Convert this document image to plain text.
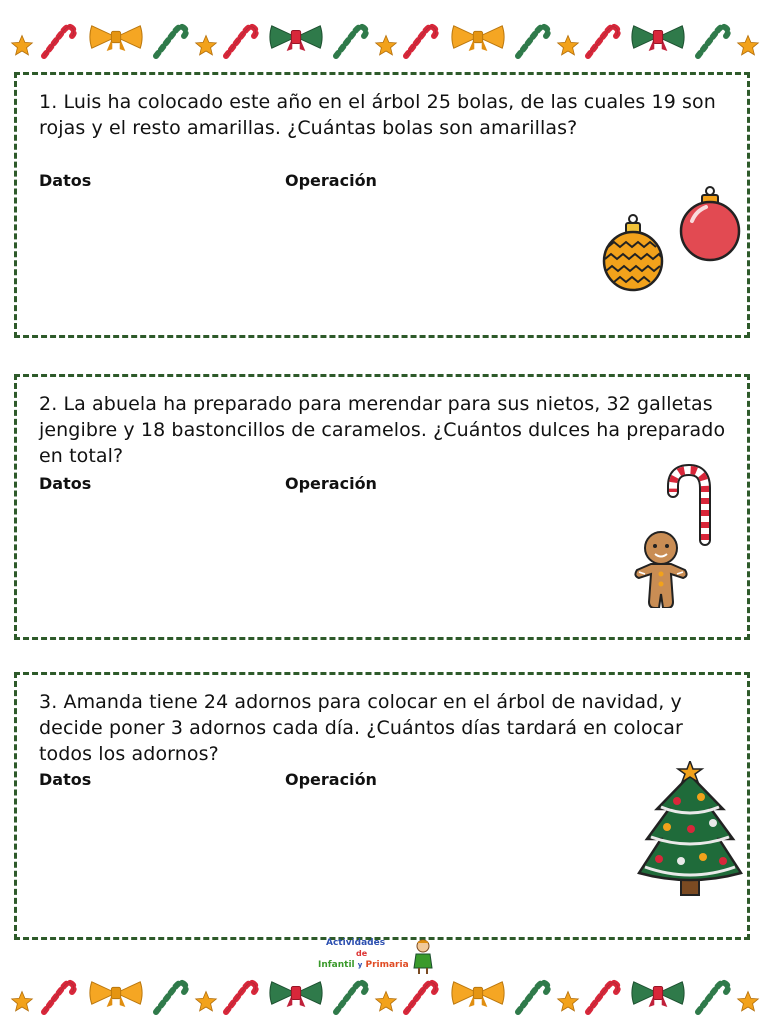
1. Luis ha colocado este año en el árbol 25 bolas, de las cuales 19 son rojas y el resto amarillas. ¿Cuántas bolas son amarillas?

Datos	Operación

2. La abuela ha preparado para merendar para sus nietos, 32 galletas jengibre y 18 bastoncillos de caramelos. ¿Cuántos dulces ha preparado en total?

Datos	Operación

3. Amanda tiene 24 adornos para colocar en el árbol de navidad, y decide poner 3 adornos cada día. ¿Cuántos días tardará en colocar todos los adornos?

Datos	Operación
Actividades
de
Infantil y Primaria
